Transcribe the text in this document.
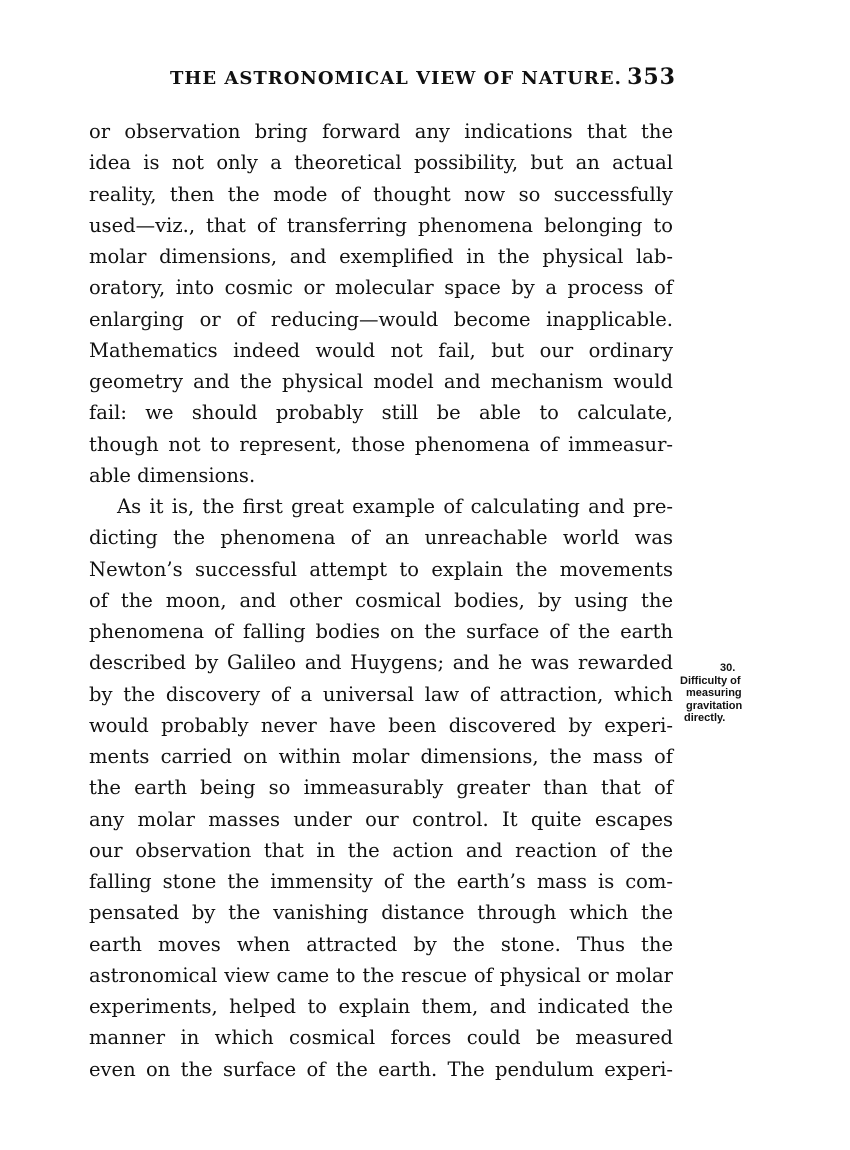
THE ASTRONOMICAL VIEW OF NATURE. 353
or observation bring forward any indications that the
idea is not only a theoretical possibility, but an actual
reality, then the mode of thought now so successfully
used—viz., that of transferring phenomena belonging to
molar dimensions, and exemplified in the physical lab-
oratory, into cosmic or molecular space by a process of
enlarging or of reducing—would become inapplicable.
Mathematics indeed would not fail, but our ordinary
geometry and the physical model and mechanism would
fail: we should probably still be able to calculate,
though not to represent, those phenomena of immeasur-
able dimensions.
As it is, the first great example of calculating and pre-
dicting the phenomena of an unreachable world was
Newton’s successful attempt to explain the movements
of the moon, and other cosmical bodies, by using the
phenomena of falling bodies on the surface of the earth
described by Galileo and Huygens; and he was rewarded
by the discovery of a universal law of attraction, which
would probably never have been discovered by experi-
ments carried on within molar dimensions, the mass of
the earth being so immeasurably greater than that of
any molar masses under our control. It quite escapes
our observation that in the action and reaction of the
falling stone the immensity of the earth’s mass is com-
pensated by the vanishing distance through which the
earth moves when attracted by the stone. Thus the
astronomical view came to the rescue of physical or molar
experiments, helped to explain them, and indicated the
manner in which cosmical forces could be measured
even on the surface of the earth. The pendulum experi-
30.
Difficulty of
measuring
gravitation
directly.
